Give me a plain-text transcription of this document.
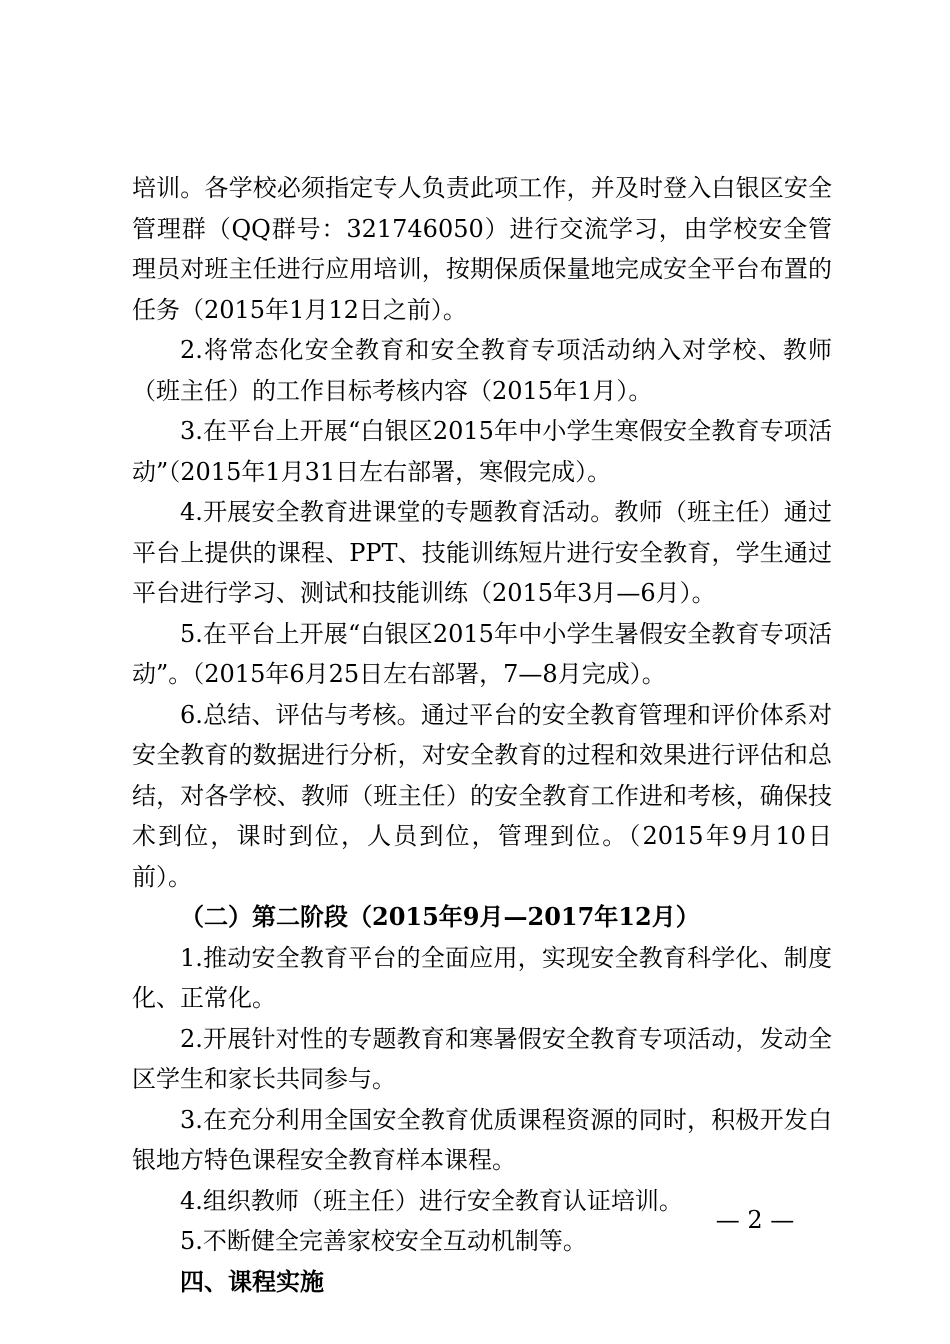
培训。各学校必须指定专人负责此项工作，并及时登入白银区安全管理群（QQ群号：321746050）进行交流学习，由学校安全管理员对班主任进行应用培训，按期保质保量地完成安全平台布置的任务（2015年1月12日之前）。

2.将常态化安全教育和安全教育专项活动纳入对学校、教师（班主任）的工作目标考核内容（2015年1月）。

3.在平台上开展“白银区2015年中小学生寒假安全教育专项活动”（2015年1月31日左右部署，寒假完成）。

4.开展安全教育进课堂的专题教育活动。教师（班主任）通过平台上提供的课程、PPT、技能训练短片进行安全教育，学生通过平台进行学习、测试和技能训练（2015年3月—6月）。

5.在平台上开展“白银区2015年中小学生暑假安全教育专项活动”。（2015年6月25日左右部署，7—8月完成）。

6.总结、评估与考核。通过平台的安全教育管理和评价体系对安全教育的数据进行分析，对安全教育的过程和效果进行评估和总结，对各学校、教师（班主任）的安全教育工作进和考核，确保技术到位，课时到位，人员到位，管理到位。（2015年9月10日前）。

（二）第二阶段（2015年9月—2017年12月）

1.推动安全教育平台的全面应用，实现安全教育科学化、制度化、正常化。

2.开展针对性的专题教育和寒暑假安全教育专项活动，发动全区学生和家长共同参与。

3.在充分利用全国安全教育优质课程资源的同时，积极开发白银地方特色课程安全教育样本课程。

4.组织教师（班主任）进行安全教育认证培训。

5.不断健全完善家校安全互动机制等。

四、课程实施

— 2 —
